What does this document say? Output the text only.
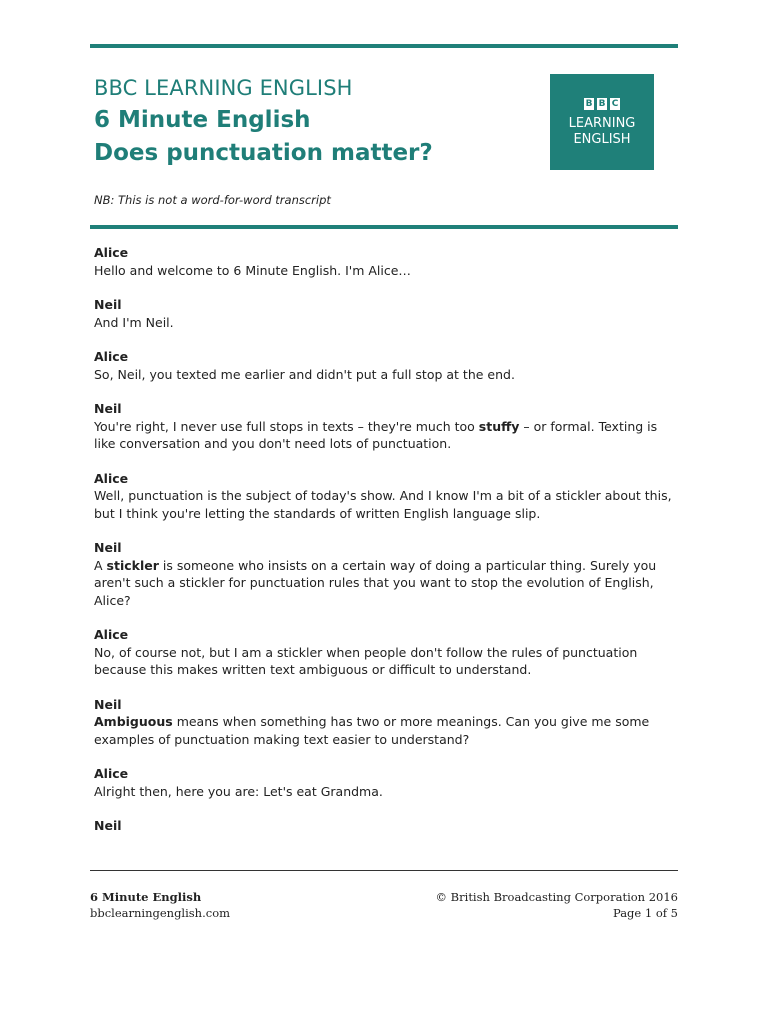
BBC LEARNING ENGLISH
6 Minute English
Does punctuation matter?
B B C
LEARNING
ENGLISH
NB: This is not a word-for-word transcript
Alice
Hello and welcome to 6 Minute English. I'm Alice…
Neil
And I'm Neil.
Alice
So, Neil, you texted me earlier and didn't put a full stop at the end.
Neil
You're right, I never use full stops in texts – they're much too stuffy – or formal. Texting is like conversation and you don't need lots of punctuation.
Alice
Well, punctuation is the subject of today's show. And I know I'm a bit of a stickler about this, but I think you're letting the standards of written English language slip.
Neil
A stickler is someone who insists on a certain way of doing a particular thing. Surely you aren't such a stickler for punctuation rules that you want to stop the evolution of English, Alice?
Alice
No, of course not, but I am a stickler when people don't follow the rules of punctuation because this makes written text ambiguous or difficult to understand.
Neil
Ambiguous means when something has two or more meanings. Can you give me some examples of punctuation making text easier to understand?
Alice
Alright then, here you are: Let's eat Grandma.
Neil
6 Minute English
bbclearningenglish.com
© British Broadcasting Corporation 2016
Page 1 of 5
